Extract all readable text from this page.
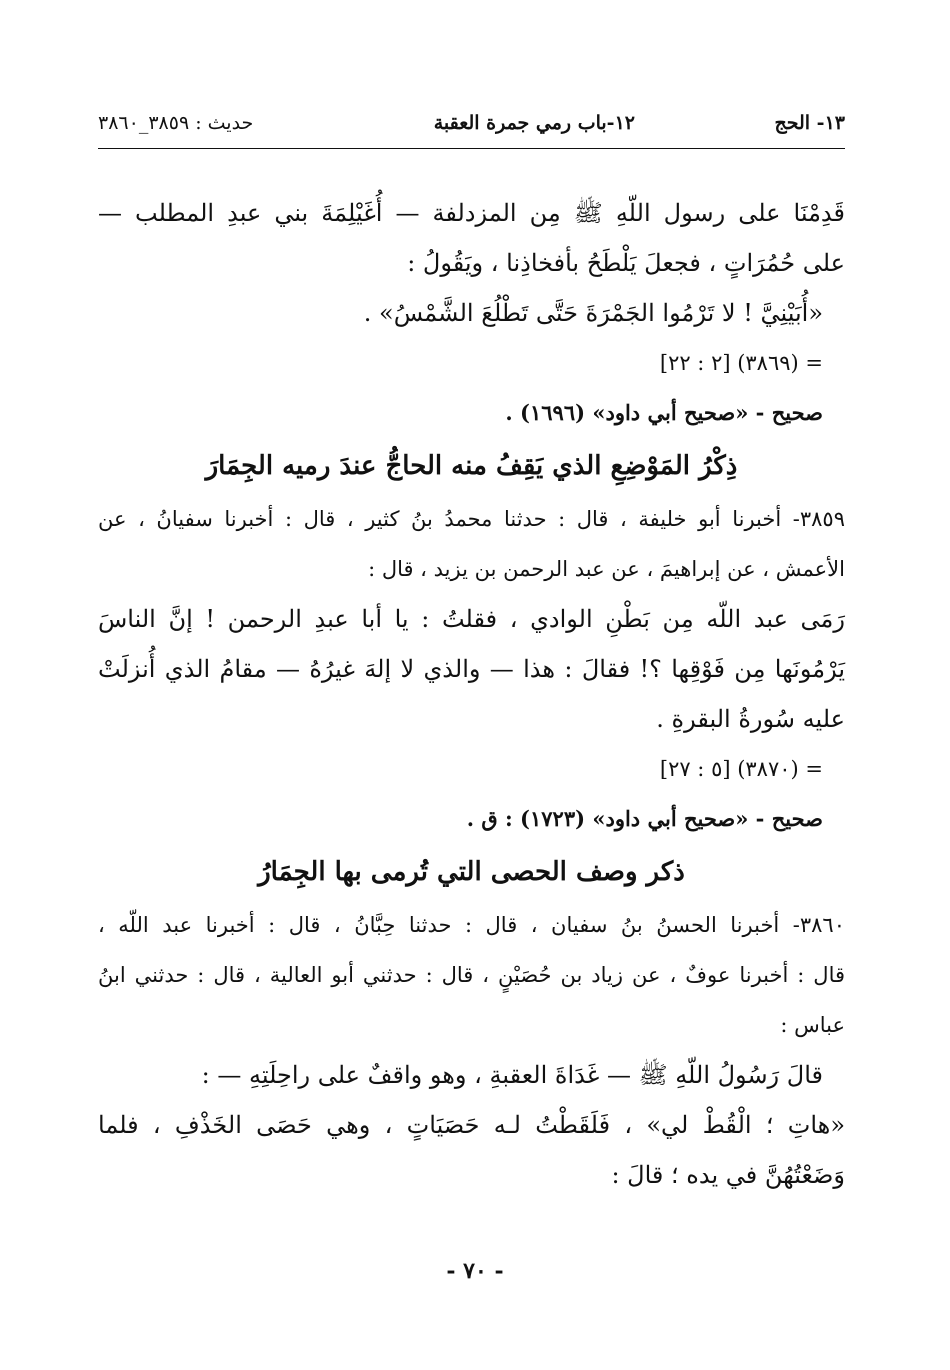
١٣- الحج
١٢-باب رمي جمرة العقبة
حديث : ٣٨٥٩_٣٨٦٠
قَدِمْنَا على رسول اللّهِ ﷺ مِن المزدلفة — أُغَيْلِمَةَ بني عبدِ المطلب —
على حُمُرَاتٍ ، فجعلَ يَلْطَحُ بأفخاذِنا ، ويَقُولُ :
«أُبَيْنِيَّ ! لا تَرْمُوا الجَمْرَةَ حَتَّى تَطْلُعَ الشَّمْسُ» .
= (٣٨٦٩) [٢ : ٢٢]
صحيح - «صحيح أبي داود» (١٦٩٦) .
ذِكْرُ المَوْضِعِ الذي يَقِفُ منه الحاجُّ عندَ رميه الجِمَارَ
٣٨٥٩- أخبرنا أبو خليفة ، قال : حدثنا محمدُ بنُ كثير ، قال : أخبرنا سفيانُ ، عن
الأعمش ، عن إبراهيمَ ، عن عبد الرحمن بن يزيد ، قال :
رَمَى عبد اللّه مِن بَطْنِ الوادي ، فقلتُ : يا أبا عبدِ الرحمن ! إنَّ الناسَ
يَرْمُونَها مِن فَوْقِها ؟! فقالَ : هذا — والذي لا إلهَ غيرُهُ — مقامُ الذي أُنزلَتْ
عليه سُورةُ البقرةِ .
= (٣٨٧٠) [٥ : ٢٧]
صحيح - «صحيح أبي داود» (١٧٢٣) : ق .
ذكر وصف الحصى التي تُرمى بها الجِمَارُ
٣٨٦٠- أخبرنا الحسنُ بنُ سفيان ، قال : حدثنا حِبَّانُ ، قال : أخبرنا عبد اللّه ،
قال : أخبرنا عوفٌ ، عن زياد بن حُصَيْنٍ ، قال : حدثني أبو العالية ، قال : حدثني ابنُ
عباس :
قالَ رَسُولُ اللّهِ ﷺ — غَدَاةَ العقبةِ ، وهو واقفٌ على راحِلَتِهِ — :
«هاتِ ؛ الْقُطْ لي» ، فَلَقَطْتُ لـه حَصَيَاتٍ ، وهي حَصَى الخَذْفِ ، فلما
وَضَعْتُهُنَّ في يده ؛ قالَ :
- ٧٠ -
